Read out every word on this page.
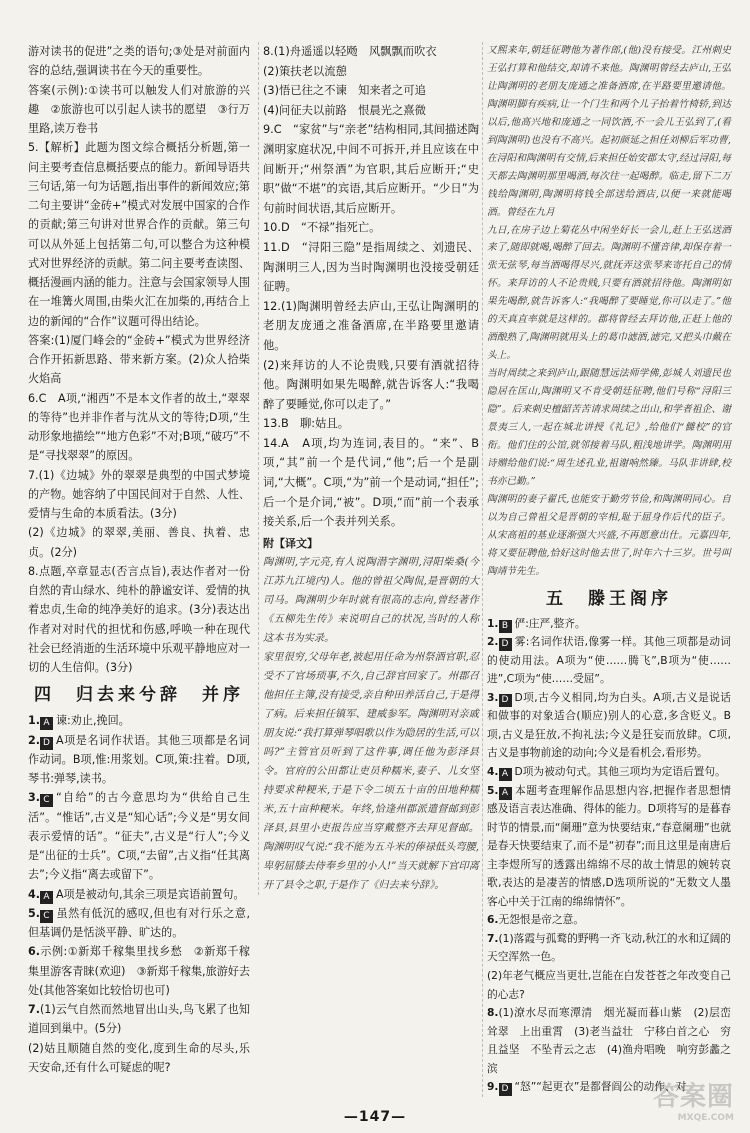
游对读书的促进”之类的语句;③处是对前面内容的总结,强调读书在今天的重要性。

答案(示例):①读书可以触发人们对旅游的兴趣　②旅游也可以引起人读书的愿望　③行万里路,读万卷书

5.【解析】此题为图文综合概括分析题,第一问主要考查信息概括要点的能力。新闻导语共三句话,第一句为话题,指出事件的新闻效应;第二句主要讲“金砖+”模式对发展中国家的合作的贡献;第三句讲对世界合作的贡献。第三句可以从外延上包括第二句,可以整合为这种模式对世界经济的贡献。第二问主要考查读图、概括漫画内涵的能力。注意与会国家领导人围在一堆篝火周围,由柴火汇在加柴的,再结合上边的新闻的“合作”议题可得出结论。

答案:(1)厦门峰会的“金砖+”模式为世界经济合作开拓新思路、带来新方案。(2)众人拾柴火焰高

6.C　A项,“湘西”不是本文作者的故土,“翠翠的等待”也并非作者与沈从文的等待;D项,“生动形象地描绘”“地方色彩”不对;B项,“破巧”不是“寻找翠翠”的原因。

7.(1)《边城》外的翠翠是典型的中国式梦境的产物。她容纳了中国民间对于自然、人性、爱情与生命的本质看法。(3分)

(2)《边城》的翠翠,美丽、善良、执着、忠贞。(2分)

8.点题,卒章显志(否言点旨),表达作者对一份自然的青山绿水、纯朴的静谧安详、爱情的执着忠贞,生命的纯净美好的追求。(3分)表达出作者对对时代的担忧和伤感,呼唤一种在现代社会已经消逝的生活环境中乐观平静地应对一切的人生信仰。(3分)

四　归去来兮辞　并序

1. A 谏:劝止,挽回。

2. D A项是名词作状语。其他三项都是名词作动词。B项,惟:用浆划。C项,策:拄着。D项,琴书:弹琴,读书。

3. C “自给”的古今意思均为“供给自己生活”。“惟话”,古义是“知心话”;今义是“男女间表示爱情的话”。“征夫”,古义是“行人”;今义是“出征的士兵”。C项,“去留”,古义指“任其离去”;今义指“离去或留下”。

4. A A项是被动句,其余三项是宾语前置句。

5. C 虽然有低沉的感叹,但也有对行乐之意,但基调仍是恬淡平静、旷达的。

6.示例:①新郑千稼集里找乡愁　②新郑千稼集里游客青睐(欢迎)　③新郑千稼集,旅游好去处(其他答案如比较恰切也可)

7.(1)云气自然而然地冒出山头,鸟飞累了也知道回到巢中。(5分)

(2)姑且顺随自然的变化,度到生命的尽头,乐天安命,还有什么可疑虑的呢?

8.(1)舟遥遥以轻飏　风飘飘而吹衣

(2)策扶老以流憩

(3)悟已往之不谏　知来者之可追

(4)问征夫以前路　恨晨光之熹微

9.C　“家贫”与“亲老”结构相同,其间描述陶渊明家庭状况,中间不可拆开,并且应该在中间断开;“州祭酒”为官职,其后应断开;“史职”做“不堪”的宾语,其后应断开。“少日”为句前时间状语,其后应断开。

10.D　“不禄”指死亡。

11.D　“浔阳三隐”是指周续之、刘遗民、陶渊明三人,因为当时陶渊明也没接受朝廷征聘。

12.(1)陶渊明曾经去庐山,王弘让陶渊明的老朋友庞通之准备酒席,在半路要里邀请他。

(2)来拜访的人不论贵贱,只要有酒就招待他。陶渊明如果先喝醉,就告诉客人:“我喝醉了要睡觉,你可以走了。”

13.B　聊:姑且。

14.A　A项,均为连词,表目的。“来”、B项,“其”前一个是代词,“他”;后一个是副词,“大概”。C项,“为”前一个是动词,“担任”;后一个是介词,“被”。D项,“而”前一个表承接关系,后一个表并列关系。

附【译文】

陶渊明,字元亮,有人说陶潜字渊明,浔阳柴桑(今江苏九江境内)人。他的曾祖父陶侃,是晋朝的大司马。陶渊明少年时就有很高的志向,曾经著作《五柳先生传》来说明自己的状况,当时的人称这本书为实录。

家里很穷,父母年老,被起用任命为州祭酒官职,忍受不了官场琐事,不久,自己辞官回家了。州郡召他担任主簿,没有接受,亲自种田养活自己,于是得了病。后来担任镇军、建威参军。陶渊明对亲戚朋友说:“我打算弹琴唱歌以作为隐居的生活,可以吗?”主管官员听到了这件事,调任他为彭泽县令。官府的公田都让吏员种糯米,妻子、儿女坚持要求种粳米,于是下令二顷五十亩的田地种糯米,五十亩种粳米。年终,恰逢州郡派遣督邮到彭泽县,县里小吏报告应当穿戴整齐去拜见督邮。陶渊明叹气说:“我不能为五斗米的俸禄低头弯腰,卑躬屈膝去侍奉乡里的小人!”当天就解下官印离开了县令之职,于是作了《归去来兮辞》。

又熙来年,朝廷征聘他为著作郎,(他)没有接受。江州刺史王弘打算和他结交,却请不来他。陶渊明曾经去庐山,王弘让陶渊明的老朋友庞通之准备酒席,在半路要里邀请他。陶渊明脚有疾病,让一个门生和两个儿子抬着竹椅轿,到达以后,他高兴地和庞通之一同饮酒,不一会儿王弘到了,(看到陶渊明)也没有不高兴。起初颜延之担任刘柳后军功曹,在浔阳和陶渊明有交情,后来担任始安郡太守,经过浔阳,每天都去陶渊明那里喝酒,每次往一起喝醉。临走,留下二万钱给陶渊明,陶渊明将钱全部送给酒店,以便一来就能喝酒。曾经在九月

九日,在房子边上菊花丛中闲坐好长一会儿,赶上王弘送酒来了,随即就喝,喝醉了回去。陶渊明不懂音律,却保存着一张无弦琴,每当酒喝得尽兴,就抚弄这张琴来寄托自己的情怀。来拜访的人不论贵贱,只要有酒就招待他。陶渊明如果先喝醉,就告诉客人:“我喝醉了要睡觉,你可以走了。”他的天真直率就是这样的。郡将曾经去拜访他,正赶上他的酒酿熟了,陶渊明就用头上的葛巾滤酒,滤完,又把头巾戴在头上。

当时周续之来到庐山,跟随慧远法师学佛,彭城人刘遗民也隐居在匡山,陶渊明又不肯受朝廷征聘,他们号称“浔阳三隐”。后来刺史檀韶苦苦请求周续之出山,和学者祖企、谢景夷三人,一起在城北讲授《礼记》,给他们“雠校”的官衔。他们住的公馆,就邻接着马队,粗浅地讲学。陶渊明用诗赠给他们说:“周生述孔业,祖谢响然臻。马队非讲肆,校书亦已勤。”

陶渊明的妻子翟氏,也能安于勤劳节俭,和陶渊明同心。自以为自己曾祖父是晋朝的宰相,耻于屈身作后代的臣子。从宋高祖的基业逐渐强大兴盛,不再愿意出仕。元嘉四年,将又要征聘他,恰好这时他去世了,时年六十三岁。世号叫陶靖节先生。

五　滕王阁序

1. B 俨:庄严,整齐。

2. D 雾:名词作状语,像雾一样。其他三项都是动词的使动用法。A项为“使……腾飞”,B项为“使……进”,C项为“使……受屈”。

3. D D项,古今义相同,均为白头。A项,古义是说话和做事的对象适合(顺应)别人的心意,多含贬义。B项,古义是狂放,不拘礼法;今义是狂妄而放肆。C项,古义是事物前途的动向;今义是看机会,看形势。

4. A D项为被动句式。其他三项均为定语后置句。

5. A 本题考查理解作品思想内容,把握作者思想情感及语言表达准确、得体的能力。D项将写的是暮春时节的情景,而“阑珊”意为快要结束,“春意阑珊”也就是春天快要结束了,而不是“初春”;而且这里是南唐后主李煜所写的透露出绵绵不尽的故土情思的婉转哀歌,表达的是凄苦的情感,D选项所说的“无数文人墨客心中关于江南的绵绵情怀”。

6.无怨恨是帝之意。

7.(1)落霞与孤鹜的野鸭一齐飞动,秋江的水和辽阔的天空浑然一色。

(2)年老气概应当更壮,岂能在白发苍苍之年改变自己的心志?

8.(1)潦水尽而寒潭清　烟光凝而暮山紫　(2)层峦耸翠　上出重霄　(3)老当益壮　宁移白首之心　穷且益坚　不坠青云之志　(4)渔舟唱晚　响穷彭蠡之滨

9. D “怒”“起更衣”是都督阎公的动作、对

—147—
答案圈
MXQE.COM
